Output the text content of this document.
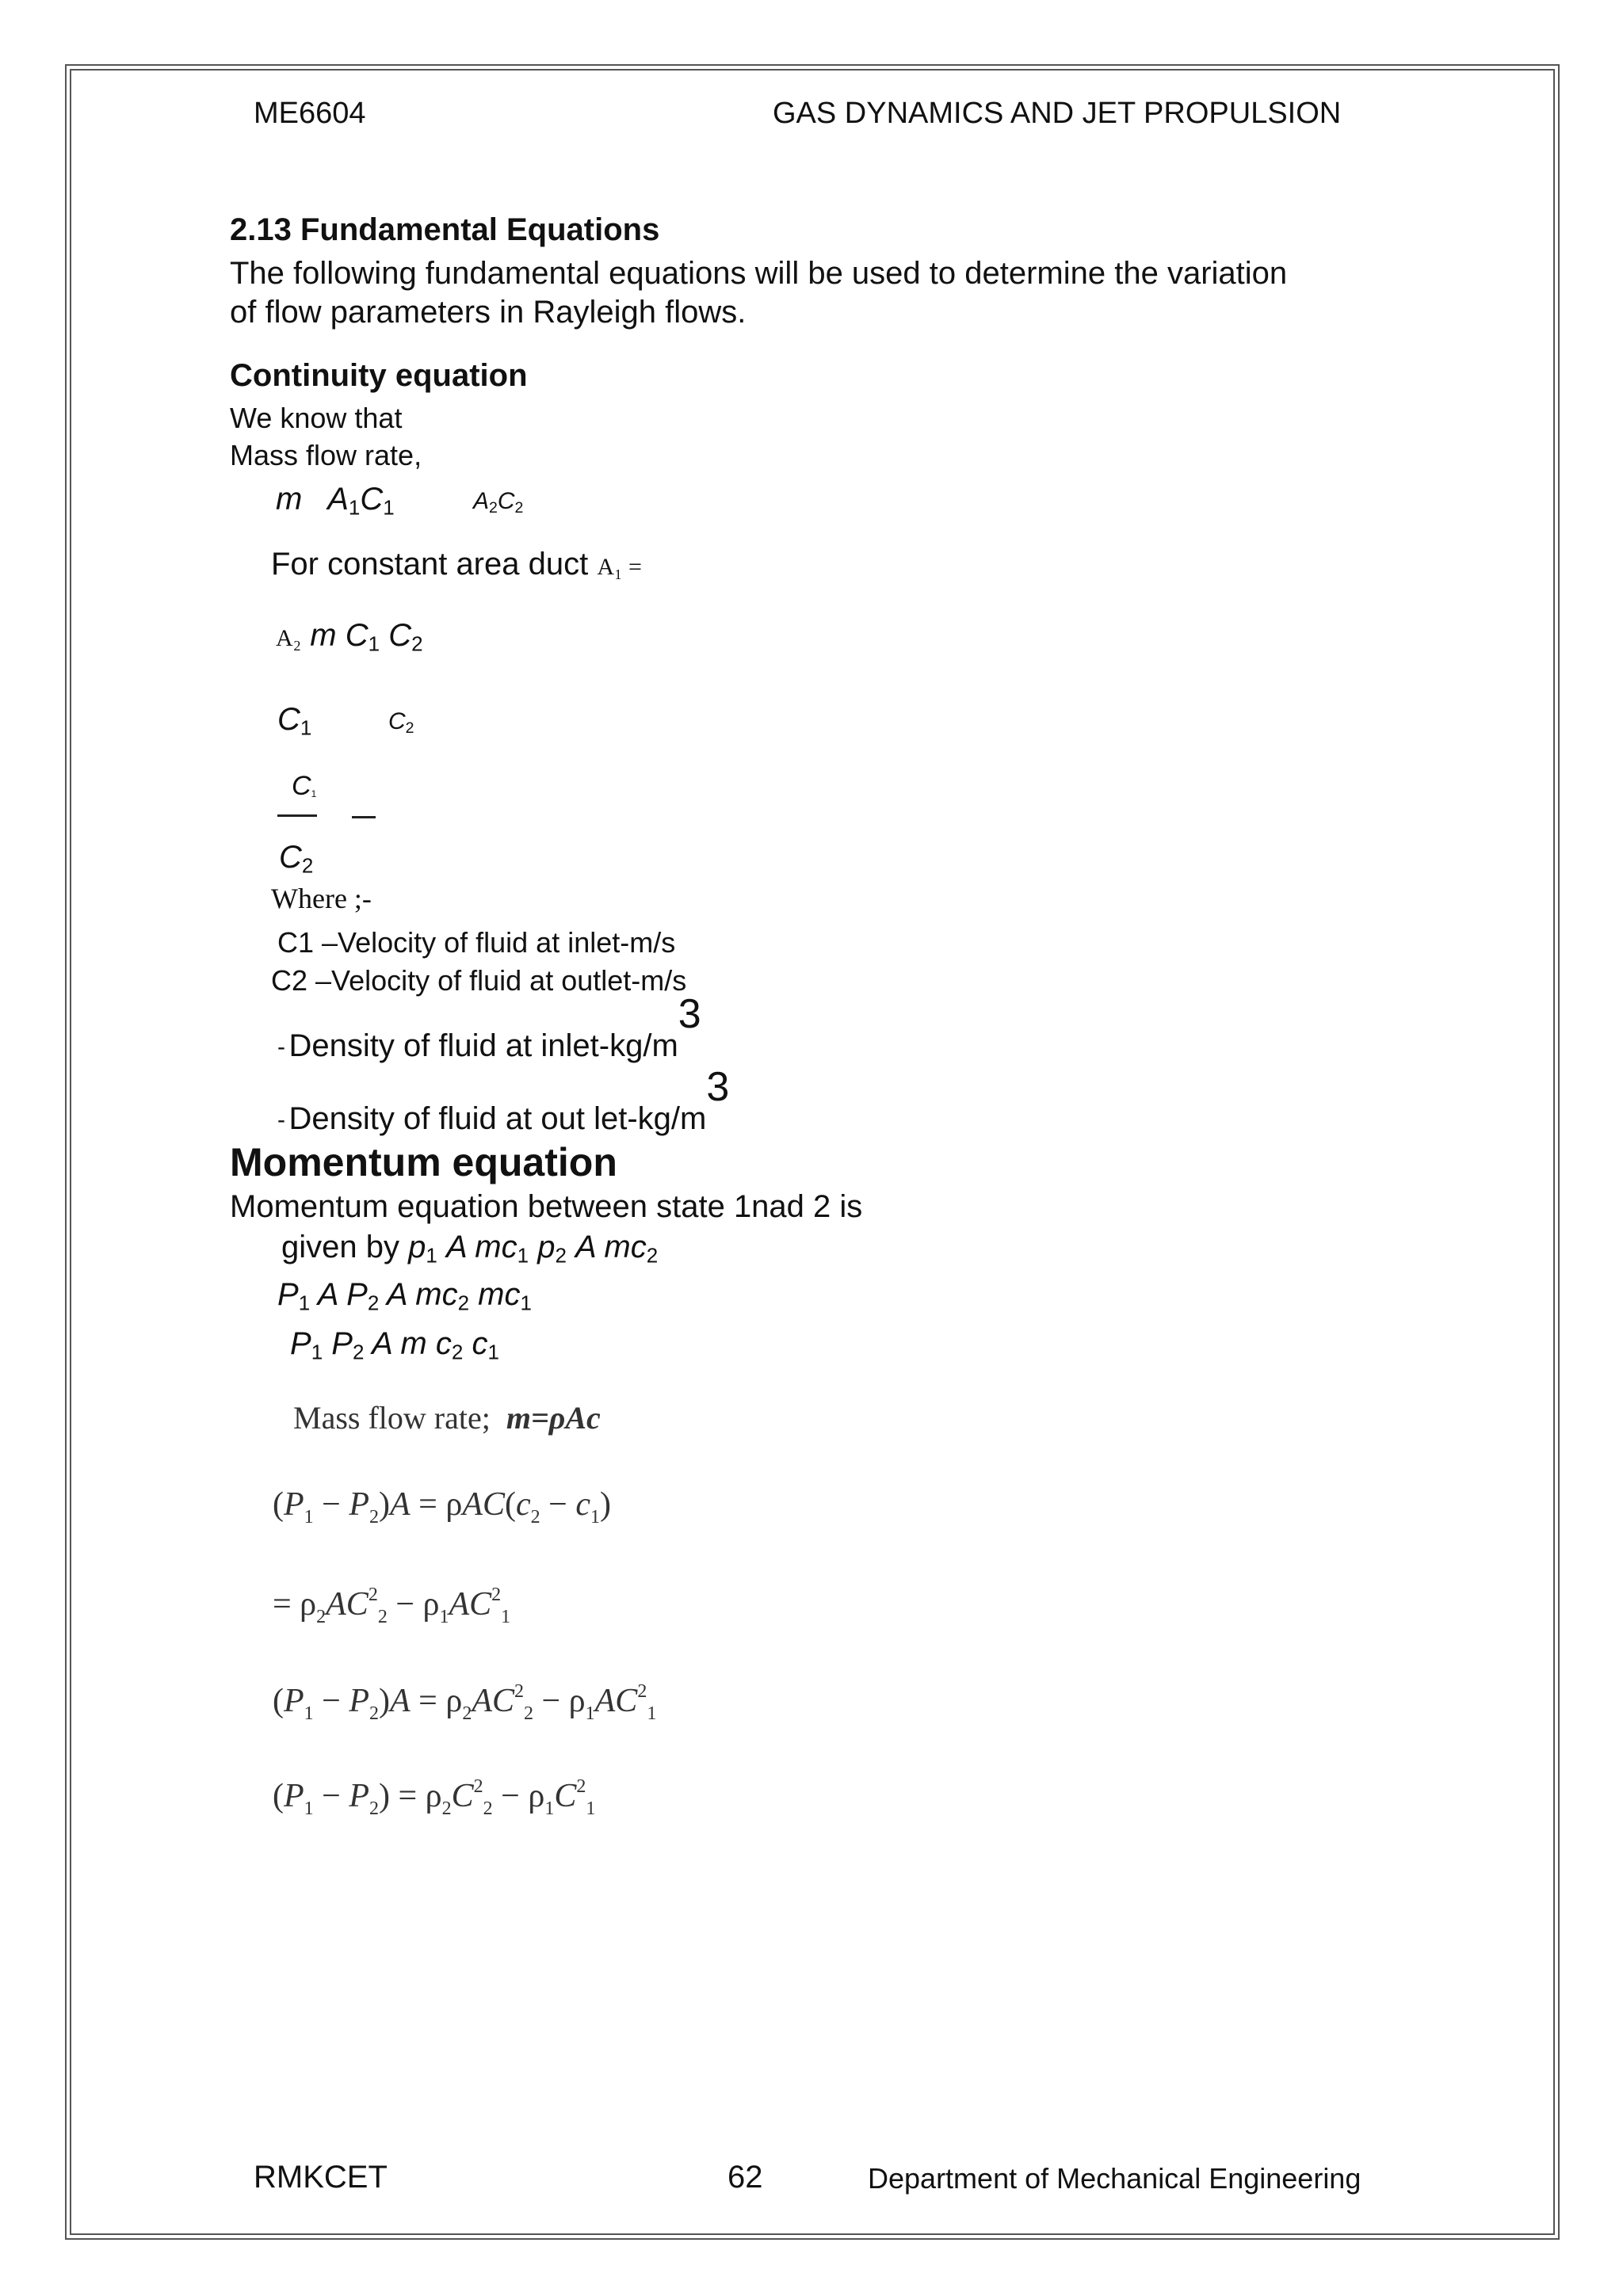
ME6604	GAS DYNAMICS AND JET PROPULSION
2.13 Fundamental Equations
The following fundamental equations will be used to determine the variation
of flow parameters in Rayleigh flows.
Continuity equation
We know that
Mass flow rate,
m $A_1C_1$	$A_2C_2$
For constant area duct A₁ =
A₂ m $C_1$ $C_2$
$C_1$	$C_2$
$C_1$
$C_2$
Where ;-
C1 –Velocity of fluid at inlet-m/s
C2 –Velocity of fluid at outlet-m/s
- Density of fluid at inlet-kg/m3
- Density of fluid at out let-kg/m3
Momentum equation
Momentum equation between state 1nad 2 is
given by $p_1$ A $mc_1$ $p_2$ A $mc_2$
$P_1$ A $P_2$ A $mc_2$ $mc_1$
$P_1$ $P_2$ A m $c_2$ $c_1$
Mass flow rate; m=ρAc
$(P_1 - P_2)A = \rho AC(c_2 - c_1)$
= $\rho_2AC^2_2 - \rho_1AC^2_1$
$(P_1 - P_2)A = \rho_2AC^2_2 - \rho_1AC^2_1$
$(P_1 - P_2) = \rho_2C^2_2 - \rho_1C^2_1$
RMKCET	62	Department of Mechanical Engineering
